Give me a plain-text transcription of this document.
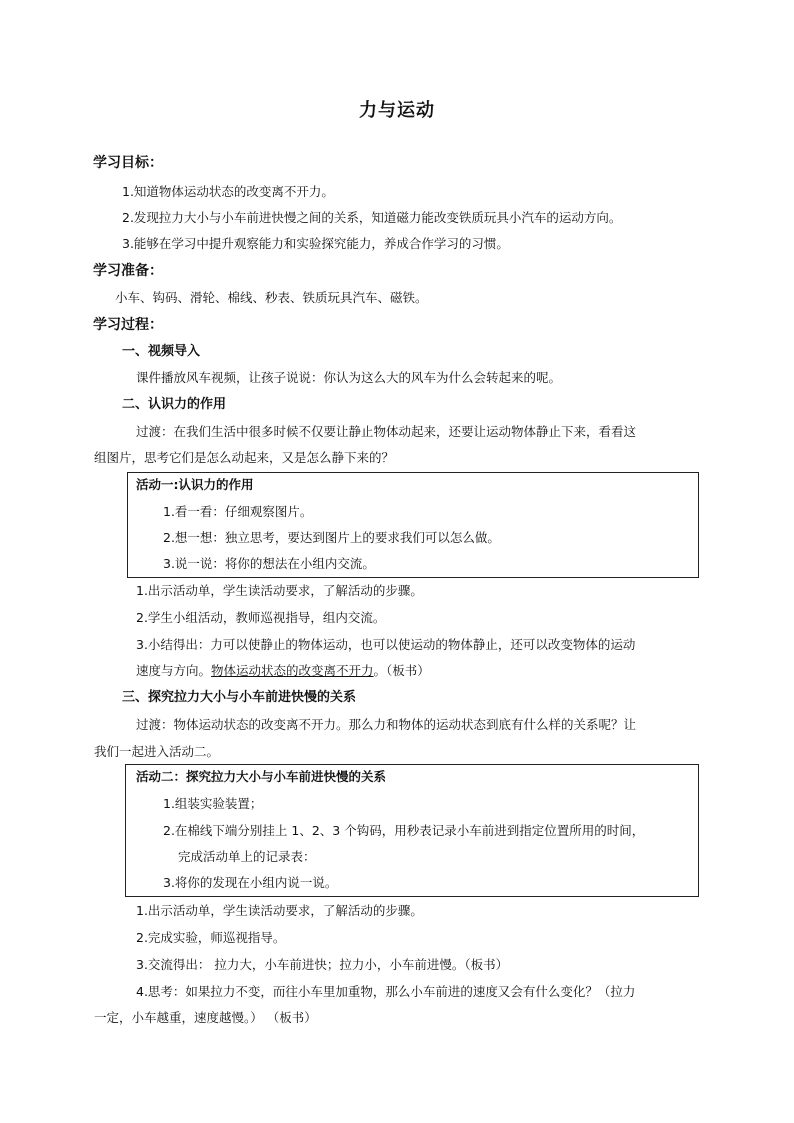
力与运动
学习目标：
1.知道物体运动状态的改变离不开力。
2.发现拉力大小与小车前进快慢之间的关系，知道磁力能改变铁质玩具小汽车的运动方向。
3.能够在学习中提升观察能力和实验探究能力，养成合作学习的习惯。
学习准备：
小车、钩码、滑轮、棉线、秒表、铁质玩具汽车、磁铁。
学习过程：
一、视频导入
课件播放风车视频，让孩子说说：你认为这么大的风车为什么会转起来的呢。
二、认识力的作用
过渡：在我们生活中很多时候不仅要让静止物体动起来，还要让运动物体静止下来，看看这
组图片，思考它们是怎么动起来，又是怎么静下来的？
活动一:认识力的作用
1.看一看：仔细观察图片。
2.想一想：独立思考，要达到图片上的要求我们可以怎么做。
3.说一说：将你的想法在小组内交流。
1.出示活动单，学生读活动要求，了解活动的步骤。
2.学生小组活动，教师巡视指导，组内交流。
3.小结得出：力可以使静止的物体运动，也可以使运动的物体静止，还可以改变物体的运动
速度与方向。物体运动状态的改变离不开力。（板书）
三、探究拉力大小与小车前进快慢的关系
过渡：物体运动状态的改变离不开力。那么力和物体的运动状态到底有什么样的关系呢？让
我们一起进入活动二。
活动二：探究拉力大小与小车前进快慢的关系
1.组装实验装置；
2.在棉线下端分别挂上 1、2、3 个钩码，用秒表记录小车前进到指定位置所用的时间，
完成活动单上的记录表：
3.将你的发现在小组内说一说。
1.出示活动单，学生读活动要求，了解活动的步骤。
2.完成实验，师巡视指导。
3.交流得出： 拉力大，小车前进快；拉力小，小车前进慢。（板书）
4.思考：如果拉力不变，而往小车里加重物，那么小车前进的速度又会有什么变化？（拉力
一定，小车越重，速度越慢。） （板书）
